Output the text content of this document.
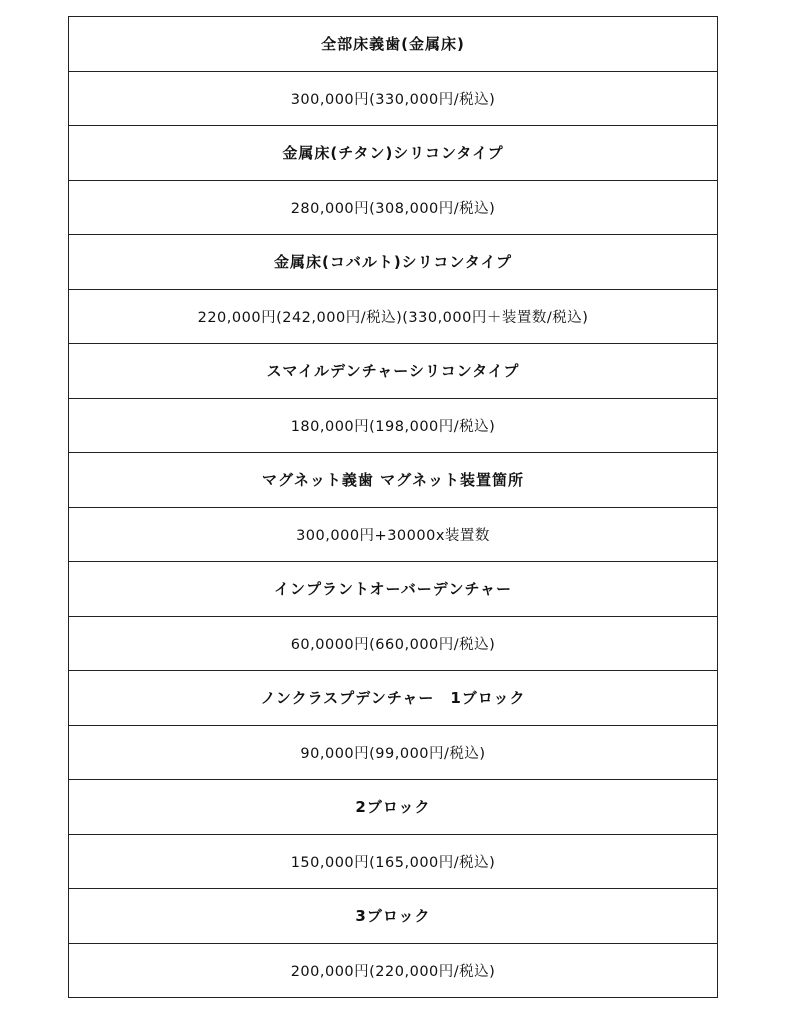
全部床義歯(金属床)
300,000円(330,000円/税込)
金属床(チタン)シリコンタイプ
280,000円(308,000円/税込)
金属床(コバルト)シリコンタイプ
220,000円(242,000円/税込)(330,000円＋装置数/税込)
スマイルデンチャーシリコンタイプ
180,000円(198,000円/税込)
マグネット義歯 マグネット装置箇所
300,000円+30000x装置数
インプラントオーバーデンチャー
60,0000円(660,000円/税込)
ノンクラスプデンチャー　1ブロック
90,000円(99,000円/税込)
2ブロック
150,000円(165,000円/税込)
3ブロック
200,000円(220,000円/税込)
